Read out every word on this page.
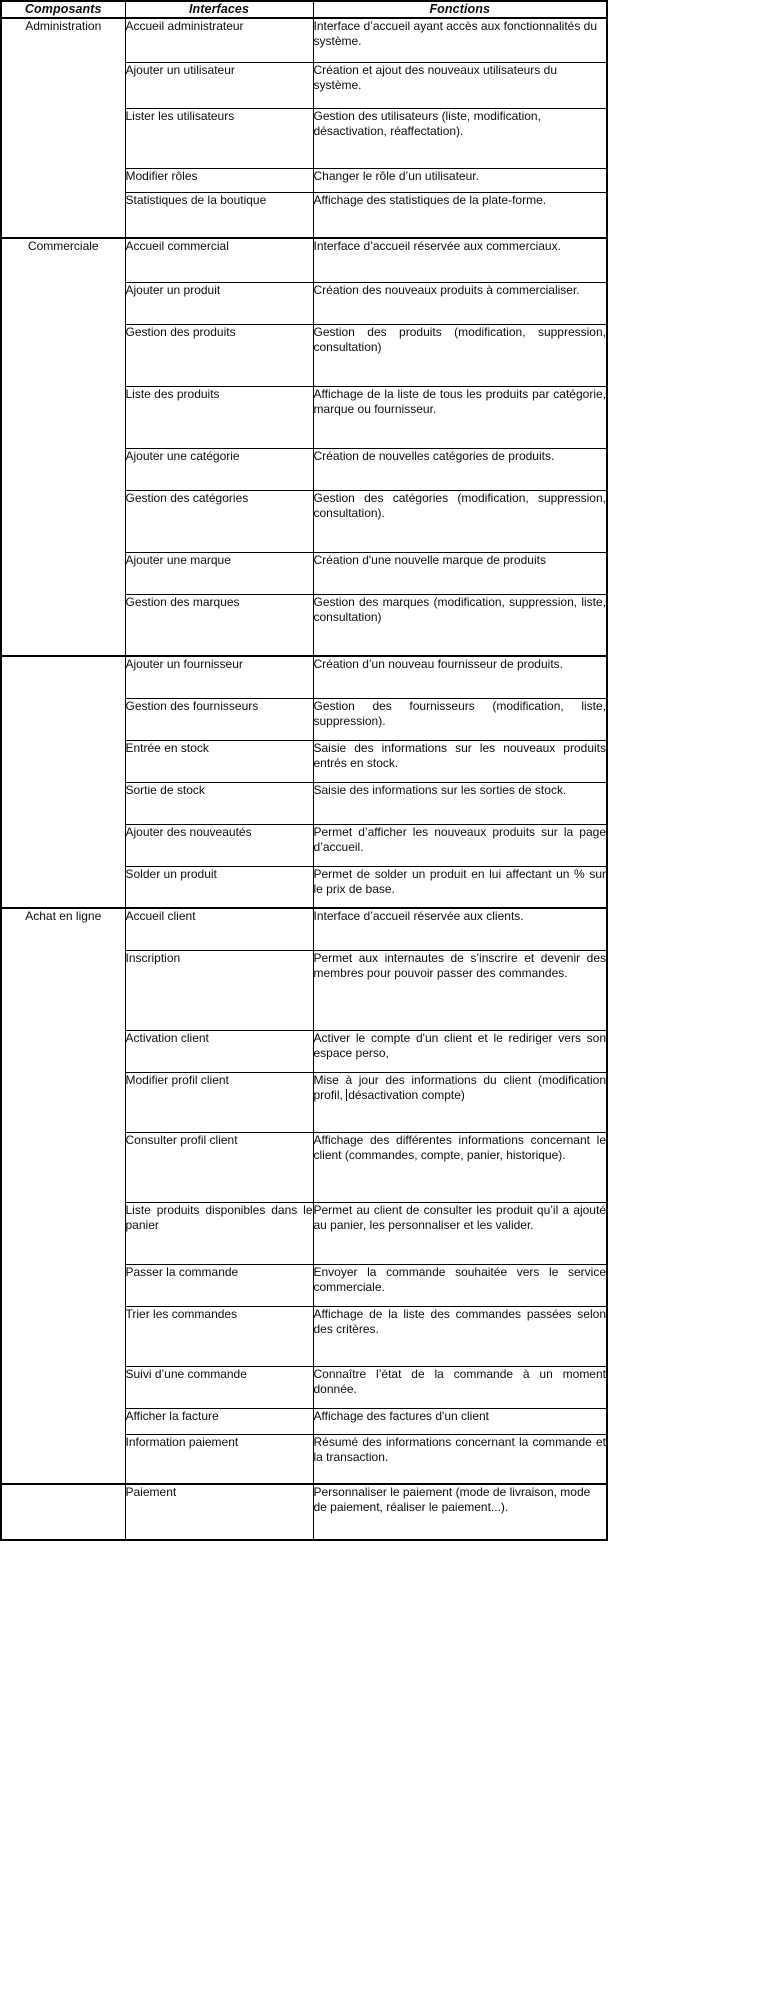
Composants	Interfaces	Fonctions

Administration	Accueil administrateur	Interface d’accueil ayant accès aux fonctionnalités du système.

	Ajouter un utilisateur	Création et ajout des nouveaux utilisateurs du système.

	Lister les utilisateurs	Gestion des utilisateurs (liste, modification, désactivation, réaffectation).

	Modifier rôles	Changer le rôle d’un utilisateur.

	Statistiques de la boutique	Affichage des statistiques de la plate-forme.

Commerciale	Accueil commercial	Interface d’accueil réservée aux commerciaux.

	Ajouter un produit	Création des nouveaux produits à commercialiser.

	Gestion des produits	Gestion des produits (modification, suppression, consultation)

	Liste des produits	Affichage de la liste de tous les produits par catégorie, marque ou fournisseur.

	Ajouter une catégorie	Création de nouvelles catégories de produits.

	Gestion des catégories	Gestion des catégories (modification, suppression, consultation).

	Ajouter une marque	Création d'une nouvelle marque de produits

	Gestion des marques	Gestion des marques (modification, suppression, liste, consultation)

	Ajouter un fournisseur	Création d’un nouveau fournisseur de produits.

	Gestion des fournisseurs	Gestion des fournisseurs (modification, liste, suppression).

	Entrée en stock	Saisie des informations sur les nouveaux produits entrés en stock.

	Sortie de stock	Saisie des informations sur les sorties de stock.

	Ajouter des nouveautés	Permet d’afficher les nouveaux produits sur la page d’accueil.

	Solder un produit	Permet de solder un produit en lui affectant un % sur le prix de base.

Achat en ligne	Accueil client	Interface d’accueil réservée aux clients.

	Inscription	Permet aux internautes de s’inscrire et devenir des membres pour pouvoir passer des commandes.

	Activation client	Activer le compte d'un client et le rediriger vers son espace perso,

	Modifier profil client	Mise à jour des informations du client (modification profil, désactivation compte)

	Consulter profil client	Affichage des différentes informations concernant le client (commandes, compte, panier, historique).

	Liste produits disponibles dans le panier	Permet au client de consulter les produit qu’il a ajouté au panier, les personnaliser et les valider.

	Passer la commande	Envoyer la commande souhaitée vers le service commerciale.

	Trier les commandes	Affichage de la liste des commandes passées selon des critères.

	Suivi d’une commande	Connaître l’état de la commande à un moment donnée.

	Afficher la facture	Affichage des factures d'un client

	Information paiement	Résumé des informations concernant la commande et la transaction.

	Paiement	Personnaliser le paiement (mode de livraison, mode de paiement, réaliser le paiement...).
